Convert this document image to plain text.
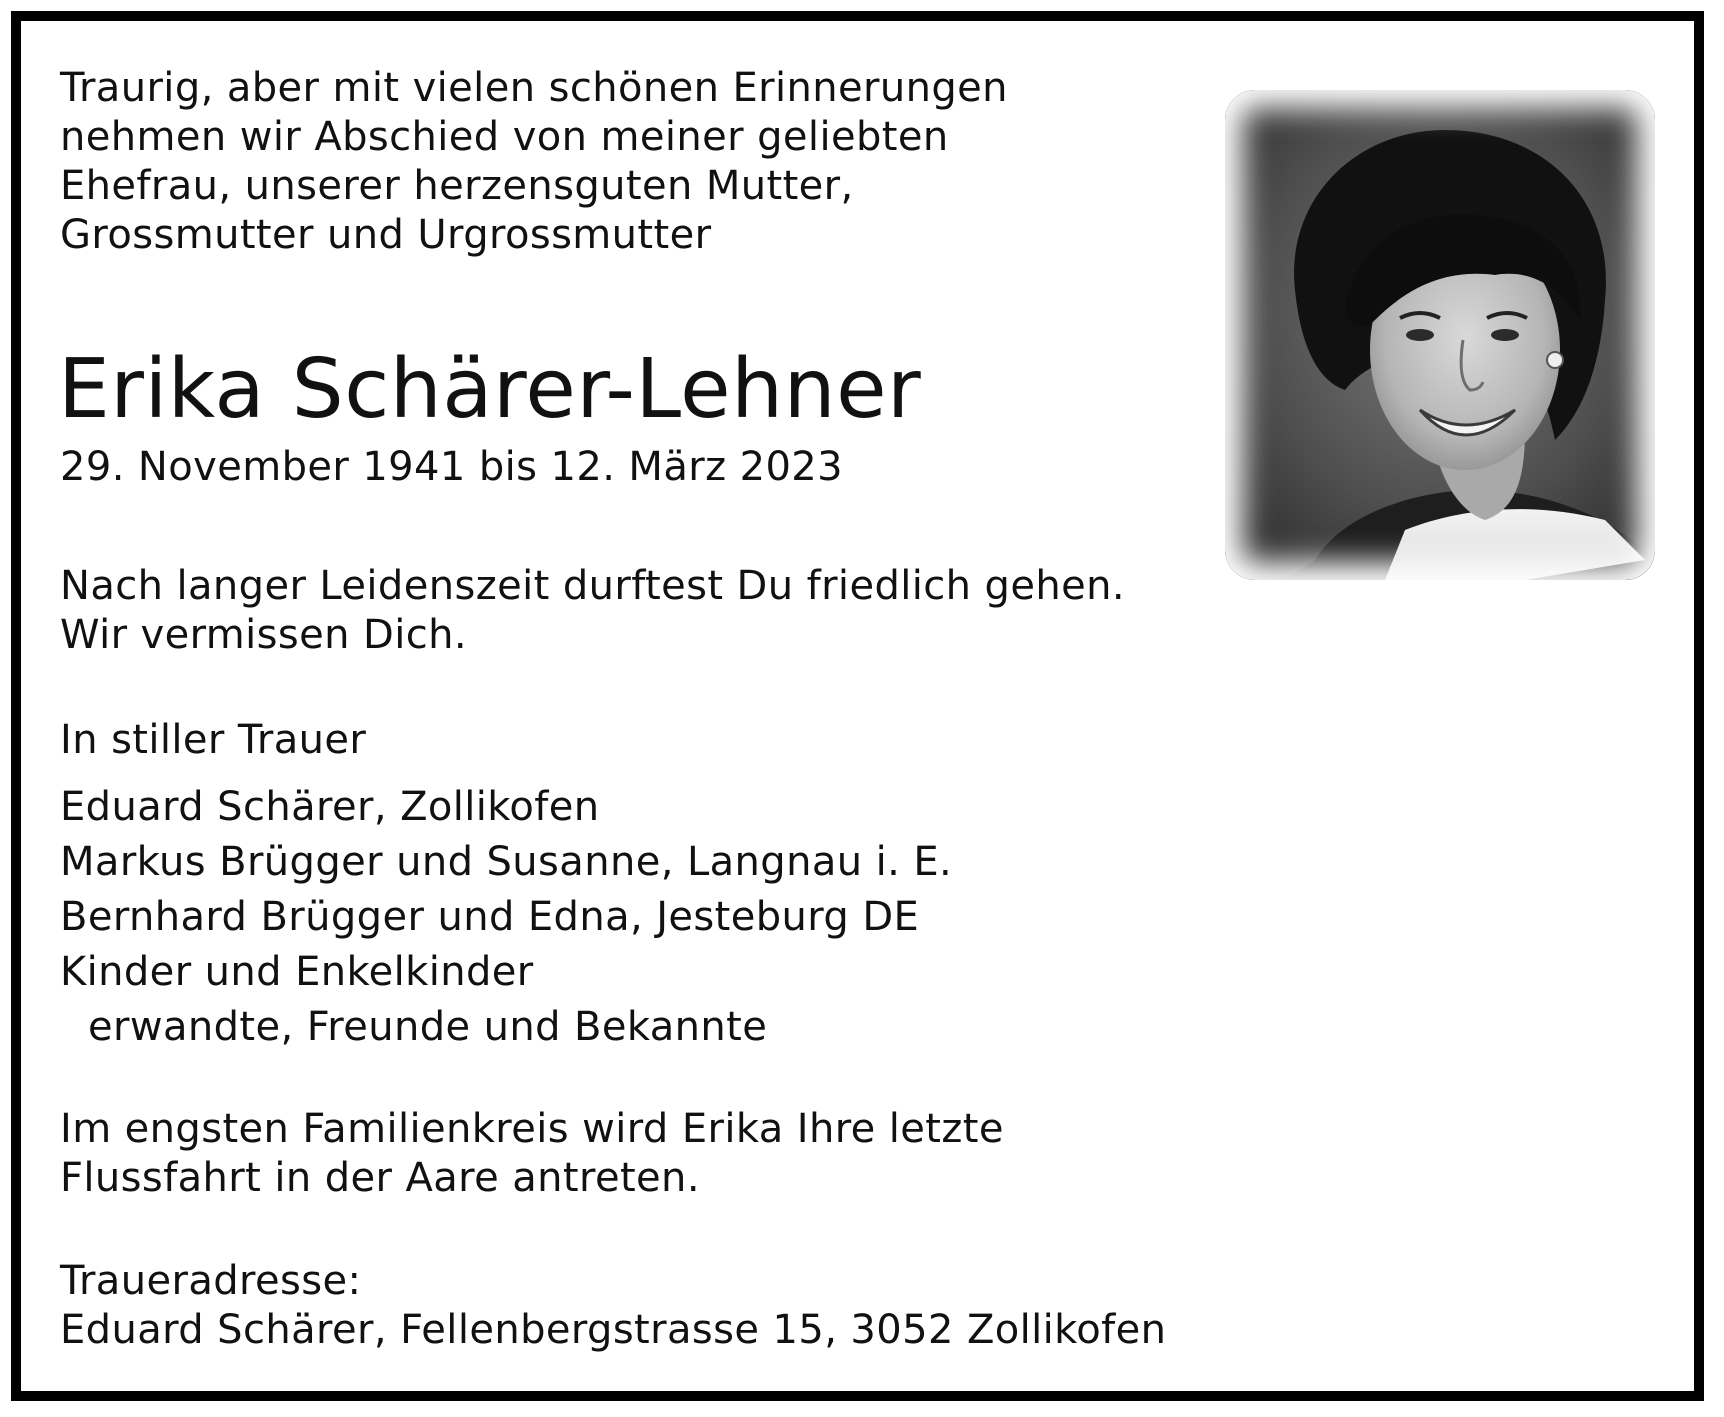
Traurig, aber mit vielen schönen Erinnerungen
nehmen wir Abschied von meiner geliebten
Ehefrau, unserer herzensguten Mutter,
Grossmutter und Urgrossmutter
Erika Schärer-Lehner
29. November 1941 bis 12. März 2023
Nach langer Leidenszeit durftest Du friedlich gehen.
Wir vermissen Dich.
In stiller Trauer
Eduard Schärer, Zollikofen
Markus Brügger und Susanne, Langnau i. E.
Bernhard Brügger und Edna, Jesteburg DE
Kinder und Enkelkinder
erwandte, Freunde und Bekannte
Im engsten Familienkreis wird Erika Ihre letzte
Flussfahrt in der Aare antreten.
Traueradresse:
Eduard Schärer, Fellenbergstrasse 15, 3052 Zollikofen
